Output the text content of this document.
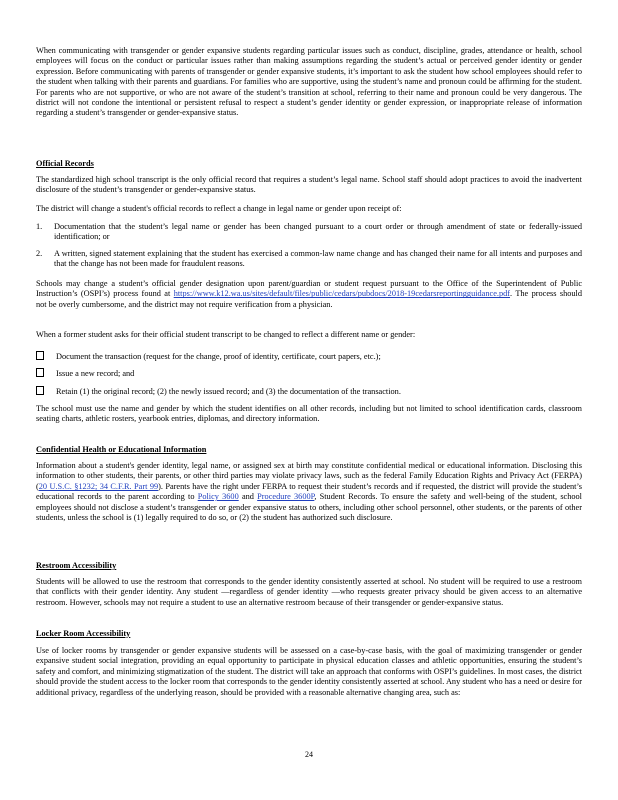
When communicating with transgender or gender expansive students regarding particular issues such as conduct, discipline, grades, attendance or health, school employees will focus on the conduct or particular issues rather than making assumptions regarding the student’s actual or perceived gender identity or gender expression. Before communicating with parents of transgender or gender expansive students, it’s important to ask the student how school employees should refer to the student when talking with their parents and guardians. For families who are supportive, using the student’s name and pronoun could be affirming for the student. For parents who are not supportive, or who are not aware of the student’s transition at school, referring to their name and pronoun could be very dangerous. The district will not condone the intentional or persistent refusal to respect a student’s gender identity or gender expression, or inappropriate release of information regarding a student’s transgender or gender-expansive status.

Official Records

The standardized high school transcript is the only official record that requires a student’s legal name. School staff should adopt practices to avoid the inadvertent disclosure of the student’s transgender or gender-expansive status.

The district will change a student's official records to reflect a change in legal name or gender upon receipt of:

1.	Documentation that the student’s legal name or gender has been changed pursuant to a court order or through amendment of state or federally-issued identification; or

2.	A written, signed statement explaining that the student has exercised a common-law name change and has changed their name for all intents and purposes and that the change has not been made for fraudulent reasons.

Schools may change a student’s official gender designation upon parent/guardian or student request pursuant to the Office of the Superintendent of Public Instruction’s (OSPI’s) process found at https://www.k12.wa.us/sites/default/files/public/cedars/pubdocs/2018-19cedarsreportingguidance.pdf. The process should not be overly cumbersome, and the district may not require verification from a physician.

When a former student asks for their official student transcript to be changed to reflect a different name or gender:

Document the transaction (request for the change, proof of identity, certificate, court papers, etc.);
Issue a new record; and
Retain (1) the original record; (2) the newly issued record; and (3) the documentation of the transaction.

The school must use the name and gender by which the student identifies on all other records, including but not limited to school identification cards, classroom seating charts, athletic rosters, yearbook entries, diplomas, and directory information.

Confidential Health or Educational Information

Information about a student's gender identity, legal name, or assigned sex at birth may constitute confidential medical or educational information. Disclosing this information to other students, their parents, or other third parties may violate privacy laws, such as the federal Family Education Rights and Privacy Act (FERPA) (20 U.S.C. §1232; 34 C.F.R. Part 99). Parents have the right under FERPA to request their student’s records and if requested, the district will provide the student’s educational records to the parent according to Policy 3600 and Procedure 3600P, Student Records. To ensure the safety and well-being of the student, school employees should not disclose a student’s transgender or gender expansive status to others, including other school personnel, other students, or the parents of other students, unless the school is (1) legally required to do so, or (2) the student has authorized such disclosure.

Restroom Accessibility

Students will be allowed to use the restroom that corresponds to the gender identity consistently asserted at school. No student will be required to use a restroom that conflicts with their gender identity. Any student —regardless of gender identity —who requests greater privacy should be given access to an alternative restroom. However, schools may not require a student to use an alternative restroom because of their transgender or gender-expansive status.

Locker Room Accessibility

Use of locker rooms by transgender or gender expansive students will be assessed on a case-by-case basis, with the goal of maximizing transgender or gender expansive student social integration, providing an equal opportunity to participate in physical education classes and athletic opportunities, ensuring the student’s safety and comfort, and minimizing stigmatization of the student. The district will take an approach that conforms with OSPI’s guidelines. In most cases, the district should provide the student access to the locker room that corresponds to the gender identity consistently asserted at school. Any student who has a need or desire for additional privacy, regardless of the underlying reason, should be provided with a reasonable alternative changing area, such as:

24
